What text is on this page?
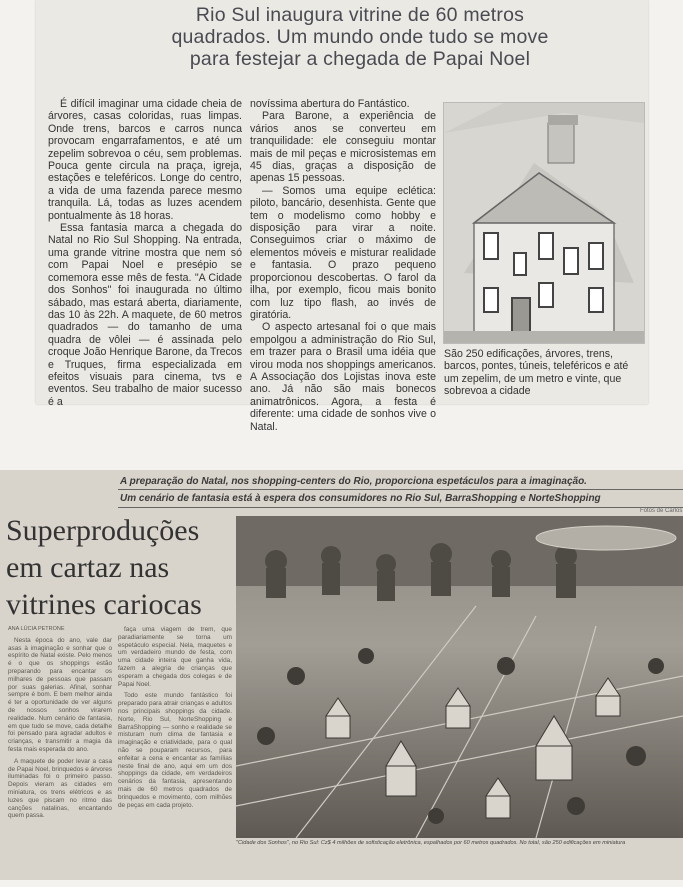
Rio Sul inaugura vitrine de 60 metros
quadrados. Um mundo onde tudo se move
para festejar a chegada de Papai Noel

É difícil imaginar uma cidade cheia de árvores, casas coloridas, ruas limpas. Onde trens, barcos e carros nunca provocam engarrafamentos, e até um zepelim sobrevoa o céu, sem problemas. Pouca gente circula na praça, igreja, estações e teleféricos. Longe do centro, a vida de uma fazenda parece mesmo tranquila. Lá, todas as luzes acendem pontualmente às 18 horas.

Essa fantasia marca a chegada do Natal no Rio Sul Shopping. Na entrada, uma grande vitrine mostra que nem só com Papai Noel e presépio se comemora esse mês de festa. "A Cidade dos Sonhos" foi inaugurada no último sábado, mas estará aberta, diariamente, das 10 às 22h. A maquete, de 60 metros quadrados — do tamanho de uma quadra de vôlei — é assinada pelo croque João Henrique Barone, da Trecos e Truques, firma especializada em efeitos visuais para cinema, tvs e eventos. Seu trabalho de maior sucesso é a

novíssima abertura do Fantástico.

Para Barone, a experiência de vários anos se converteu em tranquilidade: ele conseguiu montar mais de mil peças e microsistemas em 45 dias, graças a disposição de apenas 15 pessoas.

— Somos uma equipe eclética: piloto, bancário, desenhista. Gente que tem o modelismo como hobby e disposição para virar a noite. Conseguimos criar o máximo de elementos móveis e misturar realidade e fantasia. O prazo pequeno proporcionou descobertas. O farol da ilha, por exemplo, ficou mais bonito com luz tipo flash, ao invés de giratória.

O aspecto artesanal foi o que mais empolgou a administração do Rio Sul, em trazer para o Brasil uma idéia que virou moda nos shoppings americanos. A Associação dos Lojistas inova este ano. Já não são mais bonecos animatrônicos. Agora, a festa é diferente: uma cidade de sonhos vive o Natal.

São 250 edificações, árvores, trens, barcos, pontes, túneis, teleféricos e até um zepelim, de um metro e vinte, que sobrevoa a cidade
A preparação do Natal, nos shopping-centers do Rio, proporciona espetáculos para a imaginação.
Um cenário de fantasia está à espera dos consumidores no Rio Sul, BarraShopping e NorteShopping
Superproduções
em cartaz nas
vitrines cariocas
Fotos de Carlos

ANA LÚCIA PETRONE

Nesta época do ano, vale dar asas à imaginação e sonhar que o espírito de Natal existe. Pelo menos é o que os shoppings estão preparando para encantar os milhares de pessoas que passam por suas galerias. Afinal, sonhar sempre é bom. E bem melhor ainda é ter a oportunidade de ver alguns de nossos sonhos virarem realidade. Num cenário de fantasia, em que tudo se move, cada detalhe foi pensado para agradar adultos e crianças, e transmitir a magia da festa mais esperada do ano.

A maquete de poder levar a casa de Papai Noel, brinquedos e árvores iluminadas foi o primeiro passo. Depois vieram as cidades em miniatura, os trens elétricos e as luzes que piscam no ritmo das canções natalinas, encantando quem passa.

faça uma viagem de trem, que paradiariamente se torna um espetáculo especial. Nela, maquetes e um verdadeiro mundo de festa, com uma cidade inteira que ganha vida, fazem a alegria de crianças que esperam a chegada dos colegas e de Papai Noel.

Todo este mundo fantástico foi preparado para atrair crianças e adultos nos principais shoppings da cidade. Norte, Rio Sul, NorteShopping e BarraShopping — sonho e realidade se misturam num clima de fantasia e imaginação e criatividade, para o qual não se pouparam recursos, para enfeitar a cena e encantar as famílias neste final de ano, aqui em um dos shoppings da cidade, em verdadeiros cenários da fantasia, apresentando mais de 60 metros quadrados de brinquedos e movimento, com milhões de peças em cada projeto.

"Cidade dos Sonhos", no Rio Sul: Cz$ 4 milhões de sofisticação eletrônica, espalhados por 60 metros quadrados. No total, são 250 edificações em miniatura
